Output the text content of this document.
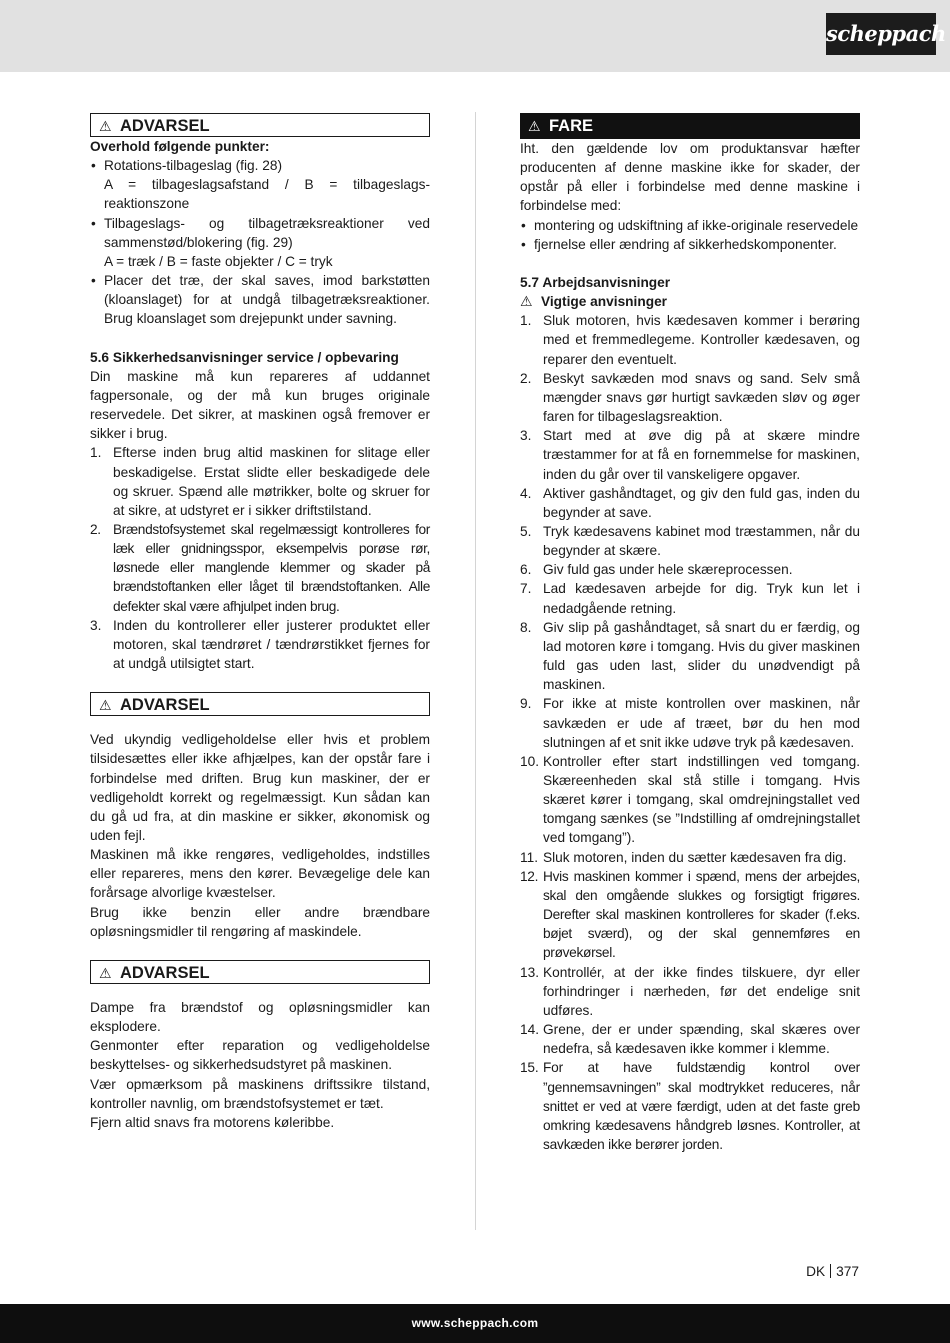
scheppach
⚠ ADVARSEL
Overhold følgende punkter:
• Rotations-tilbageslag (fig. 28)
A = tilbageslagsafstand / B = tilbageslags-reaktionszone
• Tilbageslags- og tilbagetræksreaktioner ved sammenstød/blokering (fig. 29)
A = træk / B = faste objekter / C = tryk
• Placer det træ, der skal saves, imod barkstøtten (kloanslaget) for at undgå tilbagetræksreaktioner. Brug kloanslaget som drejepunkt under savning.
5.6 Sikkerhedsanvisninger service / opbevaring

Din maskine må kun repareres af uddannet fagpersonale, og der må kun bruges originale reservedele. Det sikrer, at maskinen også fremover er sikker i brug.

1. Efterse inden brug altid maskinen for slitage eller beskadigelse. Erstat slidte eller beskadigede dele og skruer. Spænd alle møtrikker, bolte og skruer for at sikre, at udstyret er i sikker driftstilstand.
2. Brændstofsystemet skal regelmæssigt kontrolleres for læk eller gnidningsspor, eksempelvis porøse rør, løsnede eller manglende klemmer og skader på brændstoftanken eller låget til brændstoftanken. Alle defekter skal være afhjulpet inden brug.
3. Inden du kontrollerer eller justerer produktet eller motoren, skal tændrøret / tændrørstikket fjernes for at undgå utilsigtet start.
⚠ ADVARSEL

Ved ukyndig vedligeholdelse eller hvis et problem tilsidesættes eller ikke afhjælpes, kan der opstår fare i forbindelse med driften. Brug kun maskiner, der er vedligeholdt korrekt og regelmæssigt. Kun sådan kan du gå ud fra, at din maskine er sikker, økonomisk og uden fejl.

Maskinen må ikke rengøres, vedligeholdes, indstilles eller repareres, mens den kører. Bevægelige dele kan forårsage alvorlige kvæstelser.

Brug ikke benzin eller andre brændbare opløsningsmidler til rengøring af maskindele.

⚠ ADVARSEL

Dampe fra brændstof og opløsningsmidler kan eksplodere.

Genmonter efter reparation og vedligeholdelse beskyttelses- og sikkerhedsudstyret på maskinen.

Vær opmærksom på maskinens driftssikre tilstand, kontroller navnlig, om brændstofsystemet er tæt.

Fjern altid snavs fra motorens køleribbe.

⚠ FARE

Iht. den gældende lov om produktansvar hæfter producenten af denne maskine ikke for skader, der opstår på eller i forbindelse med denne maskine i forbindelse med:

• montering og udskiftning af ikke-originale reservedele
• fjernelse eller ændring af sikkerhedskomponenter.
5.7 Arbejdsanvisninger
⚠ Vigtige anvisninger
1. Sluk motoren, hvis kædesaven kommer i berøring med et fremmedlegeme. Kontroller kædesaven, og reparer den eventuelt.
2. Beskyt savkæden mod snavs og sand. Selv små mængder snavs gør hurtigt savkæden sløv og øger faren for tilbageslagsreaktion.
3. Start med at øve dig på at skære mindre træstammer for at få en fornemmelse for maskinen, inden du går over til vanskeligere opgaver.
4. Aktiver gashåndtaget, og giv den fuld gas, inden du begynder at save.
5. Tryk kædesavens kabinet mod træstammen, når du begynder at skære.
6. Giv fuld gas under hele skæreprocessen.
7. Lad kædesaven arbejde for dig. Tryk kun let i nedadgående retning.
8. Giv slip på gashåndtaget, så snart du er færdig, og lad motoren køre i tomgang. Hvis du giver maskinen fuld gas uden last, slider du unødvendigt på maskinen.
9. For ikke at miste kontrollen over maskinen, når savkæden er ude af træet, bør du hen mod slutningen af et snit ikke udøve tryk på kædesaven.
10. Kontroller efter start indstillingen ved tomgang. Skæreenheden skal stå stille i tomgang. Hvis skæret kører i tomgang, skal omdrejningstallet ved tomgang sænkes (se ”Indstilling af omdrejningstallet ved tomgang”).
11. Sluk motoren, inden du sætter kædesaven fra dig.
12. Hvis maskinen kommer i spænd, mens der arbejdes, skal den omgående slukkes og forsigtigt frigøres. Derefter skal maskinen kontrolleres for skader (f.eks. bøjet sværd), og der skal gennemføres en prøvekørsel.
13. Kontrollér, at der ikke findes tilskuere, dyr eller forhindringer i nærheden, før det endelige snit udføres.
14. Grene, der er under spænding, skal skæres over nedefra, så kædesaven ikke kommer i klemme.
15. For at have fuldstændig kontrol over ”gennemsavningen” skal modtrykket reduceres, når snittet er ved at være færdigt, uden at det faste greb omkring kædesavens håndgreb løsnes. Kontroller, at savkæden ikke berører jorden.
DK 377
www.scheppach.com
